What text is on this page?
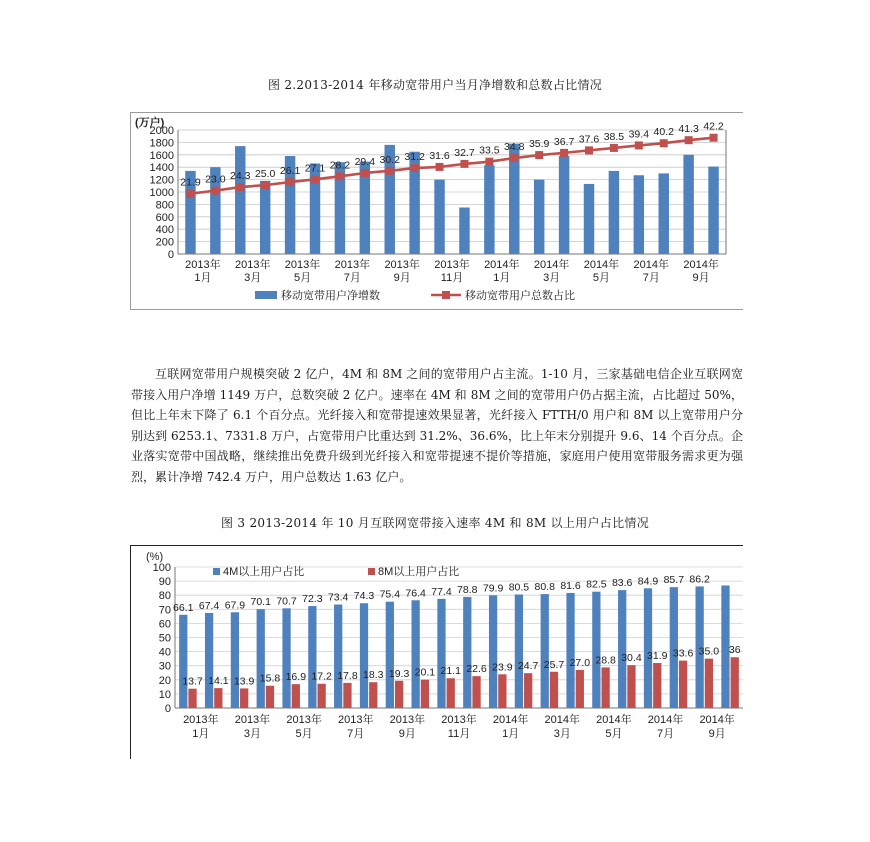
图 2.2013-2014 年移动宽带用户当月净增数和总数占比情况
(万户)
0
200
400
600
800
1000
1200
1400
1600
1800
2000
21.9 23.0 24.3 25.0 26.1 27.1 28.2 29.4 30.2 31.2 31.6 32.7 33.5 34.8 35.9 36.7 37.6 38.5 39.4 40.2 41.3 42.2
2013年
1月
2013年
3月
2013年
5月
2013年
7月
2013年
9月
2013年
11月
2014年
1月
2014年
3月
2014年
5月
2014年
7月
2014年
9月
移动宽带用户净增数	移动宽带用户总数占比

互联网宽带用户规模突破 2 亿户，4M 和 8M 之间的宽带用户占主流。1-10 月，三家基础电信企业互联网宽带接入用户净增 1149 万户，总数突破 2 亿户。速率在 4M 和 8M 之间的宽带用户仍占据主流，占比超过 50%，但比上年末下降了 6.1 个百分点。光纤接入和宽带提速效果显著，光纤接入 FTTH/0 用户和 8M 以上宽带用户分别达到 6253.1、7331.8 万户，占宽带用户比重达到 31.2%、36.6%，比上年末分别提升 9.6、14 个百分点。企业落实宽带中国战略，继续推出免费升级到光纤接入和宽带提速不提价等措施，家庭用户使用宽带服务需求更为强烈，累计净增 742.4 万户，用户总数达 1.63 亿户。

图 3 2013-2014 年 10 月互联网宽带接入速率 4M 和 8M 以上用户占比情况
(%)
0
10
20
30
40
50
60
70
80
90
100
66.1
13.7
67.4
14.1
67.9
13.9
70.1
15.8
70.7
16.9
72.3
17.2
73.4
17.8
74.3
18.3
75.4
19.3
76.4
20.1
77.4
21.1
78.8
22.6
79.9
23.9
80.5
24.7
80.8
25.7
81.6
27.0
82.5
28.8
83.6
30.4
84.9
31.9
85.7
33.6
86.2
35.0 36
2013年
1月
2013年
3月
2013年
5月
2013年
7月
2013年
9月
2013年
11月
2014年
1月
2014年
3月
2014年
5月
2014年
7月
2014年
9月
4M以上用户占比	8M以上用户占比
